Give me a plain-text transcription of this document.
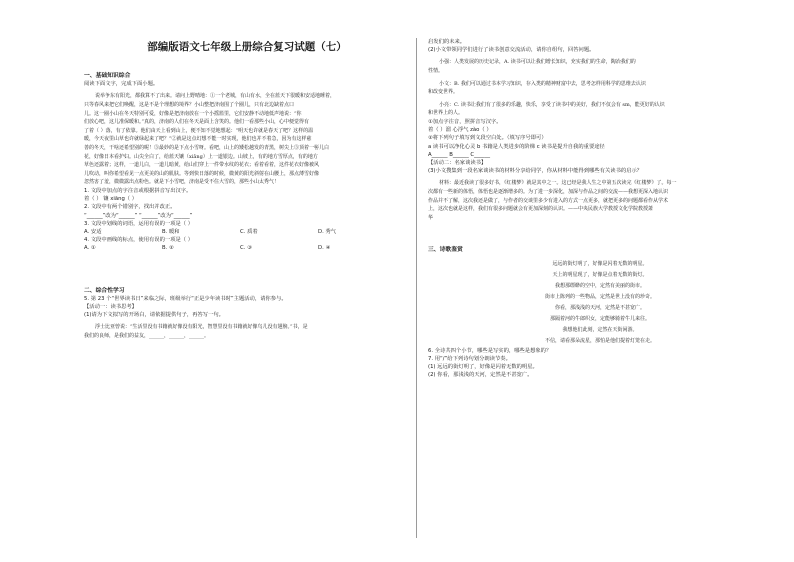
部编版语文七年级上册综合复习试题（七）
一、基础知识综合

阅读下面文字，完成下面小题。

说举争东有阳光，都我算不了出来。请问上野晴地：①一个老城，有山有水，全在蓝天下很暖和安适地睡着，

只等春风来把它们唤醒，这是不是个理想的境界？小山整把济南围了个圈儿，只有北边缺着点口

儿。这一圈小山在冬天特别可爱，好像是把济南放在一个小摇篮里，它们安静不动地低声地说：“你

们放心吧，这儿准保暖和。”真的，济南的人们在冬天是面上含笑的。他们一看那些小山，心中便觉得有

了着（ ）落，有了依靠。他们由天上看到山上，便不知不觉地想起：“明天也许就是春天了吧？这样的温

暖，今天夜里山草也许就绿起来了吧？”②就是这点幻想不能一时实现，他们也并不着急，因为有这样慈

善的冬天，干啥还希望别的呢！③最妙的是下点小雪呀。看吧，山上的矮松越发的青黑，树尖上③顶着一髻儿白

花，好像日本看护妇。山尖全白了，给蓝天镶（xiāng）上一道银边。山坡上，有的地方雪厚点，有的地方

草色还露着；这样，一道儿白，一道儿暗黄，给山们穿上一件带水纹的花衣；看着看着，这件花衣好像被风

儿吹动，叫你希望看见一点更美的山的肌肤。等到快日落的时候，微黄的阳光斜射在山腰上，那点薄雪好像

忽然害了羞，微微露出点粉色。就是下小雪吧，济南是受不住大雪的，那些小山太秀气！

1. 文段中加点的字注音或根据拼音写出汉字。

着（ ） 镶 xiāng（ ）

2. 文段中有两个错别字，找出并改正。

“______”改为“______” “______”改为“______”

3. 文段中划线的词语，运用有误的一项是（ ）

A. 安适	B. 暖和	C. 质着	D. 秀气

4. 文段中画线的标点，使用有误的一项是（ ）

A. ①	B. ②	C. ③	D. ④
二、综合性学习

5. 第 23 个“世界读书日”来临之际，班级举行“正是少年读书时”主题活动，请你参与。

【活动一：读书思考】

(1)请为下文拟写的开场白，请依据提供句子，再答写一句。

浮士比亚曾说：“生活里没有书籍就好像没有阳光，智慧里没有书籍就好像鸟儿没有翅膀。”书，是

我们的良师，是我们的益友，______，______，______。

启发们的未来。

(2)小文带领同学们进行了读书创意交流活动，请你自组句，回答问题。

小强：人类发展的历史记录，A. 读书可以让我们增长知识，充实我们的生命，陶冶我们的

性情。

小文：B. 我们可以通过书本学习知识，存入类的精神财富中去，思考怎样用科学的思维去认识

和改变世界。

小亮：C. 读书让我们有了很多的乐趣，快乐，享受了读书中的美好，我们不仅会有 sm，能更好的认识

和世界上的人。

①加点字注音，照拼音写汉字。

着（ ）溜 心浮气 zào（ ）

②将下列句子填写到文段空白处。（填写序号即可）

a 读书可以净化心灵 b 书籍是人类进步的阶梯 c 读书是提升自我的重要途径

A______ B______ C______

【活动二：名家谈读书】

(3)小文搜集到一段名家谈读书的材料分享给同学，你从材料中能得到哪些有关读书的启示？

材料：最近我读了很多好书，《红楼梦》就是其中之一。这已经是我人生之中第五次读完《红楼梦》了。每一

次都有一些新的体悟，体悟也是逐渐增多的。为了进一步深化，加深与作品之间的交流——我想更深入地认识

作品并不了解，这次我还是做了，与作者的交谈里多少有进入的方式一点更多，就把更多的问题都看作从学术

上，这次也就是这样，我们有很多问题就会有更加深刻的认识。——中央民族大学教授文化学院教授萧

华

三、诗歌鉴赏
远远的街灯明了，好像是闪着无数的明星。
天上的明星现了，好像是点着无数的街灯。
我想那缥缈的空中，定然有美丽的街市。
街市上陈列的一些物品，定然是世上没有的珍奇。
你看，那浅浅的天河，定然是不甚宽广。
那隔着河的牛郎织女，定能够骑着牛儿来往。
我想他们此刻，定然在天街闲游。
不信，请看那朵流星，那怕是他们提着灯笼在走。

6. 全诗共四个小节，哪些是写实的，哪些是想象的？

7. 用“/”给下列诗句划分朗读节奏。

(1) 远远的街灯明了，好像是闪着无数的明星。

(2) 你看，那浅浅的天河，定然是不甚宽广。
